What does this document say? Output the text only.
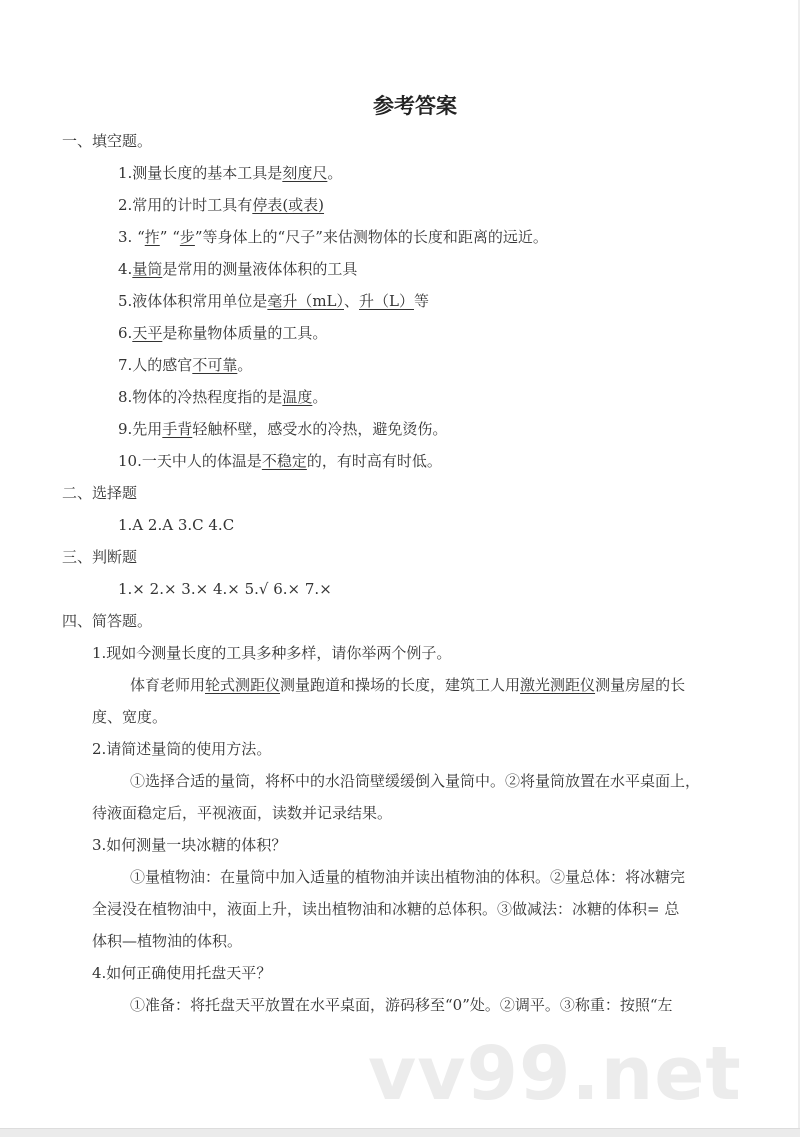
参考答案
一、填空题。
1.测量长度的基本工具是刻度尺。
2.常用的计时工具有停表(或表)
3. “拃” “步”等身体上的“尺子”来估测物体的长度和距离的远近。
4.量筒是常用的测量液体体积的工具
5.液体体积常用单位是毫升（mL）、升（L）等
6.天平是称量物体质量的工具。
7.人的感官不可靠。
8.物体的冷热程度指的是温度。
9.先用手背轻触杯壁，感受水的冷热，避免烫伤。
10.一天中人的体温是不稳定的，有时高有时低。
二、选择题
1.A 2.A 3.C 4.C
三、判断题
1.× 2.× 3.× 4.× 5.√ 6.× 7.×
四、简答题。
1.现如今测量长度的工具多种多样，请你举两个例子。
体育老师用轮式测距仪测量跑道和操场的长度，建筑工人用激光测距仪测量房屋的长
度、宽度。
2.请简述量筒的使用方法。
①选择合适的量筒，将杯中的水沿筒壁缓缓倒入量筒中。②将量筒放置在水平桌面上，
待液面稳定后，平视液面，读数并记录结果。
3.如何测量一块冰糖的体积？
①量植物油：在量筒中加入适量的植物油并读出植物油的体积。②量总体：将冰糖完
全浸没在植物油中，液面上升，读出植物油和冰糖的总体积。③做减法：冰糖的体积= 总
体积—植物油的体积。
4.如何正确使用托盘天平？
①准备：将托盘天平放置在水平桌面，游码移至“0”处。②调平。③称重：按照“左
vv99.net
